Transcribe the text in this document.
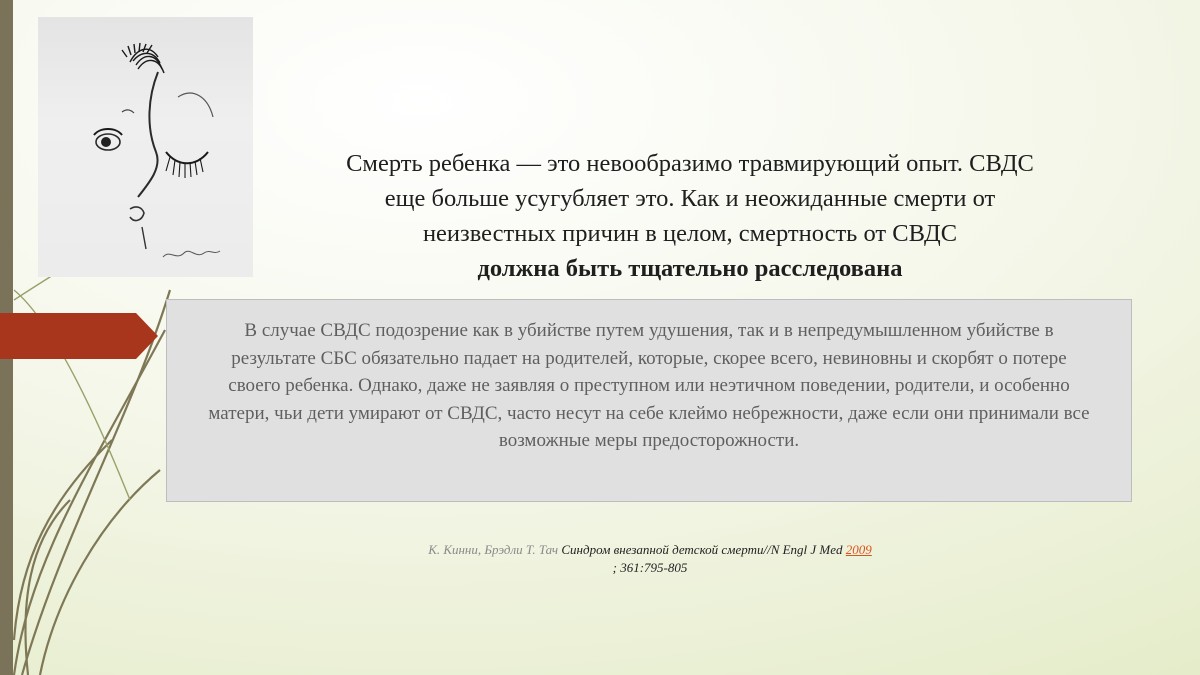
Смерть ребенка — это невообразимо травмирующий опыт. СВДС
еще больше усугубляет это. Как и неожиданные смерти от
неизвестных причин в целом, смертность от СВДС
должна быть тщательно расследована

В случае СВДС подозрение как в убийстве путем удушения, так и в непредумышленном убийстве в результате СБС обязательно падает на родителей, которые, скорее всего, невиновны и скорбят о потере своего ребенка. Однако, даже не заявляя о преступном или неэтичном поведении, родители, и особенно матери, чьи дети умирают от СВДС, часто несут на себе клеймо небрежности, даже если они принимали все возможные меры предосторожности.

К. Кинни, Брэдли Т. Тач Синдром внезапной детской смерти//N Engl J Med 2009
; 361:795-805
